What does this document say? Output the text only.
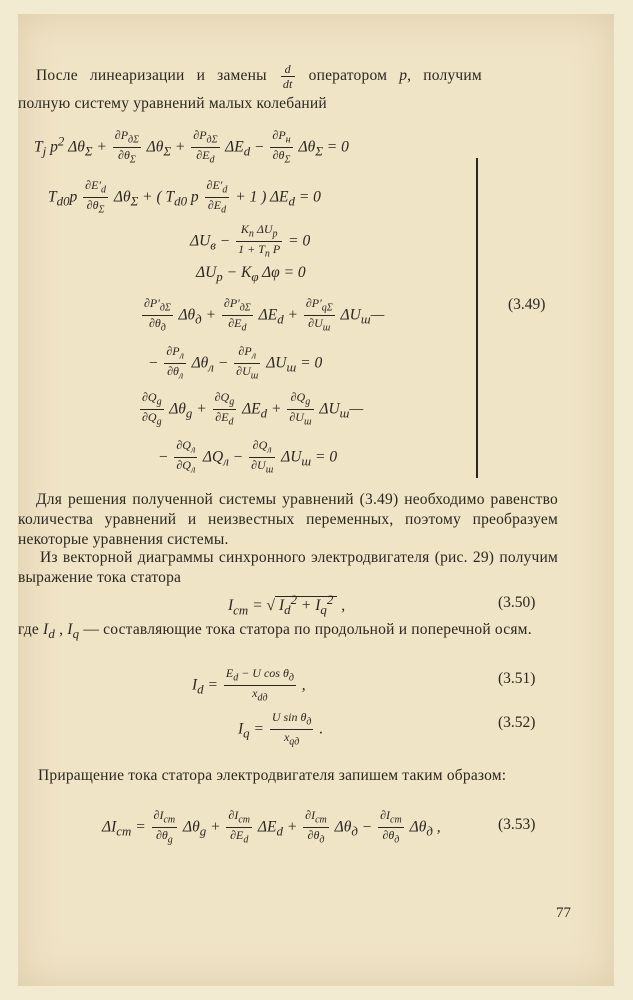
После линеаризации и замены $\frac{d}{dt}$ оператором p, получим
полную систему уравнений малых колебаний
$T_j$ $p^2$ $\Delta\theta_\Sigma + \frac{\partial P_{д\Sigma}}{\partial\theta_\Sigma} \Delta\theta_\Sigma + \frac{\partial P_{д\Sigma}}{\partial E_d} \Delta E_d - \frac{\partial P_н}{\partial\theta_\Sigma} \Delta\theta_\Sigma = 0$
$T_{d0}p \frac{\partial E'_d}{\partial\theta_\Sigma} \Delta\theta_\Sigma$ + ( $T_{d0}$ p $\frac{\partial E'_d}{\partial E_d} + 1$ ) $\Delta E_d = 0$
$\Delta U_в - \frac{K_п \Delta U_р}{1 + T_п P} = 0$
$\Delta U_р - K_\varphi$ Δφ = 0
$\frac{\partial P'_{д\Sigma}}{\partial\theta_д} \Delta\theta_д + \frac{\partial P'_{д\Sigma}}{\partial E_d} \Delta E_d + \frac{\partial P'_{q\Sigma}}{\partial U_ш}$ $\Delta U_ш—$
− $\frac{\partial P_л}{\partial\theta_л} \Delta\theta_л - \frac{\partial P_л}{\partial U_ш} \Delta U_ш = 0$
$\frac{\partial Q_g}{\partial Q_g} \Delta\theta_g + \frac{\partial Q_g}{\partial E_d} \Delta E_d + \frac{\partial Q_g}{\partial U_ш}$ $\Delta U_ш—$
− $\frac{\partial Q_л}{\partial Q_л} \Delta Q_л - \frac{\partial Q_л}{\partial U_ш} \Delta U_ш = 0$
(3.49)
Для решения полученной системы уравнений (3.49) необходимо равенство количества уравнений и неизвестных переменных, поэтому преобразуем некоторые уравнения системы.
Из векторной диаграммы синхронного электродвигателя (рис. 29) получим выражение тока статора
$I_{ст}$ = √ $I_d^2 + I_q^2$ ,	(3.50)
где $I_d$ , $I_q$ — составляющие тока статора по продольной и поперечной осям.
$I_d = \frac{E_d - U \cos \theta_д}{x_{dд}}$ ,	(3.51)
$I_q = \frac{U \sin \theta_д}{x_{qд}}$ .	(3.52)
Приращение тока статора электродвигателя запишем таким образом:
$\Delta I_{ст} = \frac{\partial I_{ст}}{\partial\theta_g} \Delta\theta_g + \frac{\partial I_{ст}}{\partial E_d} \Delta E_d + \frac{\partial I_{ст}}{\partial\theta_д} \Delta\theta_д - \frac{\partial I_{ст}}{\partial\theta_д} \Delta\theta_д$ ,	(3.53)
77
